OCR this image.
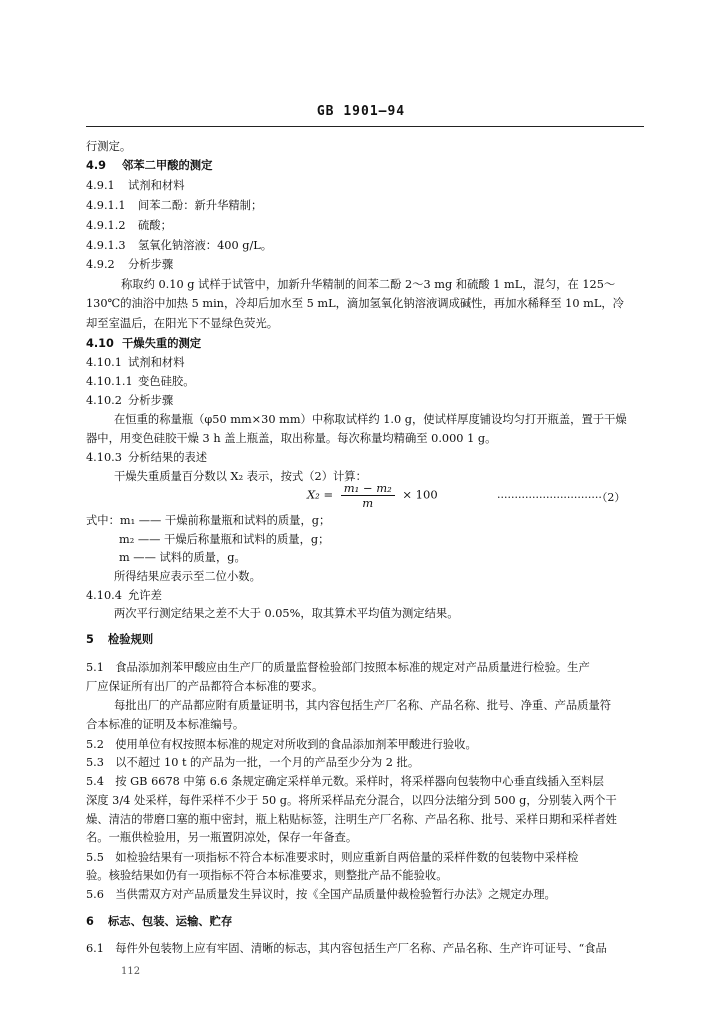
GB 1901—94
行测定。
4.9 邻苯二甲酸的测定
4.9.1 试剂和材料
4.9.1.1 间苯二酚：新升华精制；
4.9.1.2 硫酸；
4.9.1.3 氢氧化钠溶液：400 g/L。
4.9.2 分析步骤
称取约 0.10 g 试样于试管中，加新升华精制的间苯二酚 2～3 mg 和硫酸 1 mL，混匀，在 125～
130℃的油浴中加热 5 min，冷却后加水至 5 mL，滴加氢氧化钠溶液调成碱性，再加水稀释至 10 mL，冷
却至室温后，在阳光下不显绿色荧光。
4.10 干燥失重的测定
4.10.1 试剂和材料
4.10.1.1 变色硅胶。
4.10.2 分析步骤
在恒重的称量瓶（φ50 mm×30 mm）中称取试样约 1.0 g，使试样厚度铺设均匀打开瓶盖，置于干燥
器中，用变色硅胶干燥 3 h 盖上瓶盖，取出称量。每次称量均精确至 0.000 1 g。
4.10.3 分析结果的表述
干燥失重质量百分数以 X₂ 表示，按式（2）计算：
$X_2 = \frac{\text{m₁ − m₂}}{m} \times 100$	······························（2）
式中：m₁ —— 干燥前称量瓶和试料的质量，g；
m₂ —— 干燥后称量瓶和试料的质量，g；
m —— 试料的质量，g。
所得结果应表示至二位小数。
4.10.4 允许差
两次平行测定结果之差不大于 0.05%，取其算术平均值为测定结果。
5 检验规则
5.1　食品添加剂苯甲酸应由生产厂的质量监督检验部门按照本标准的规定对产品质量进行检验。生产
厂应保证所有出厂的产品都符合本标准的要求。
每批出厂的产品都应附有质量证明书，其内容包括生产厂名称、产品名称、批号、净重、产品质量符
合本标准的证明及本标准编号。
5.2　使用单位有权按照本标准的规定对所收到的食品添加剂苯甲酸进行验收。
5.3　以不超过 10 t 的产品为一批，一个月的产品至少分为 2 批。
5.4　按 GB 6678 中第 6.6 条规定确定采样单元数。采样时，将采样器向包装物中心垂直线插入至料层
深度 3/4 处采样，每件采样不少于 50 g。将所采样品充分混合，以四分法缩分到 500 g，分别装入两个干
燥、清洁的带磨口塞的瓶中密封，瓶上粘贴标签，注明生产厂名称、产品名称、批号、采样日期和采样者姓
名。一瓶供检验用，另一瓶置阴凉处，保存一年备查。
5.5　如检验结果有一项指标不符合本标准要求时，则应重新自两倍量的采样件数的包装物中采样检
验。核验结果如仍有一项指标不符合本标准要求，则整批产品不能验收。
5.6　当供需双方对产品质量发生异议时，按《全国产品质量仲裁检验暂行办法》之规定办理。
6 标志、包装、运输、贮存
6.1　每件外包装物上应有牢固、清晰的标志，其内容包括生产厂名称、产品名称、生产许可证号、“食品
112
